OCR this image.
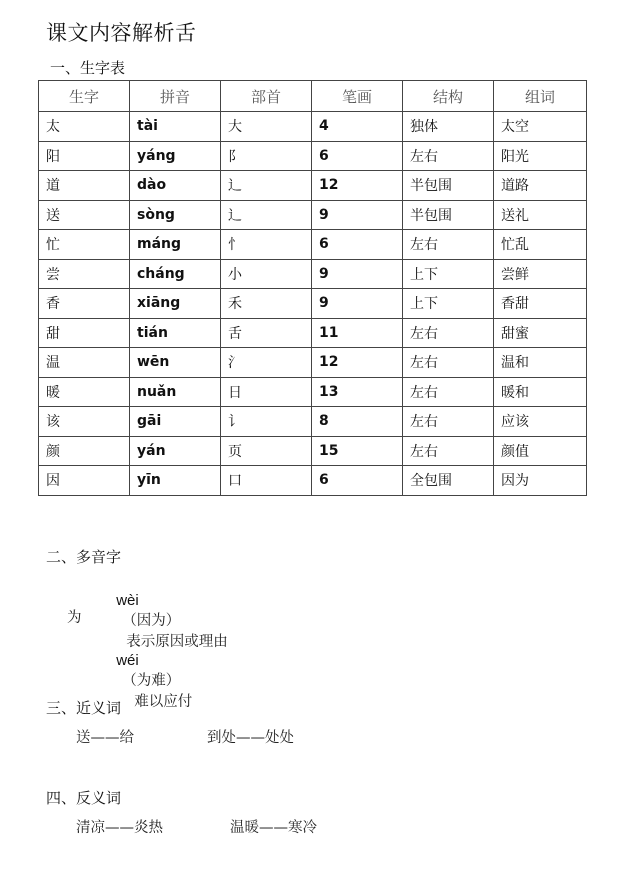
课文内容解析舌
一、生字表
生字	拼音	部首	笔画	结构	组词
太	tài	大	4	独体	太空
阳	yáng	阝	6	左右	阳光
道	dào	辶	12	半包围	道路
送	sòng	辶	9	半包围	送礼
忙	máng	忄	6	左右	忙乱
尝	cháng	小	9	上下	尝鲜
香	xiāng	禾	9	上下	香甜
甜	tián	舌	11	左右	甜蜜
温	wēn	氵	12	左右	温和
暖	nuǎn	日	13	左右	暖和
该	gāi	讠	8	左右	应该
颜	yán	页	15	左右	颜值
因	yīn	口	6	全包围	因为
二、多音字

wèi
（因为）
表示原因或理由

为

wéi
（为难）
难以应付

三、近义词
送——给	到处——处处
四、反义词
清凉——炎热	温暖——寒冷
